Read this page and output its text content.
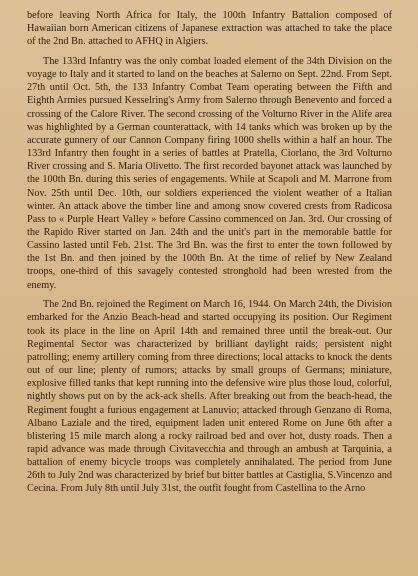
before leaving North Africa for Italy, the 100th Infantry Battalion composed of Hawaiian born American citizens of Japanese extraction was attached to take the place of the 2nd Bn. attached to AFHQ in Algiers.

The 133rd Infantry was the only combat loaded element of the 34th Division on the voyage to Italy and it started to land on the beaches at Salerno on Sept. 22nd. From Sept. 27th until Oct. 5th, the 133 Infantry Combat Team operating between the Fifth and Eighth Armies pursued Kesselring's Army from Salerno through Benevento and forced a crossing of the Calore River. The second crossing of the Volturno River in the Alife area was highlighted by a German counterattack, with 14 tanks which was broken up by the accurate gunnery of our Cannon Company firing 1000 shells within a half an hour. The 133rd Infantry then fought in a series of battles at Pratella, Ciorlano, the 3rd Volturno River crossing and S. Maria Olivetto. The first recorded bayonet attack was launched by the 100th Bn. during this series of engagements. While at Scapoli and M. Marrone from Nov. 25th until Dec. 10th, our soldiers experienced the violent weather of a Italian winter. An attack above the timber line and among snow covered crests from Radicosa Pass to « Purple Heart Valley » before Cassino commenced on Jan. 3rd. Our crossing of the Rapido River started on Jan. 24th and the unit's part in the memorable battle for Cassino lasted until Feb. 21st. The 3rd Bn. was the first to enter the town followed by the 1st Bn. and then joined by the 100th Bn. At the time of relief by New Zealand troops, one-third of this savagely contested stronghold had been wrested from the enemy.

The 2nd Bn. rejoined the Regiment on March 16, 1944. On March 24th, the Division embarked for the Anzio Beach-head and started occupying its position. Our Regiment took its place in the line on April 14th and remained three until the break-out. Our Regimental Sector was characterized by brilliant daylight raids; persistent night patrolling; enemy artillery coming from three directions; local attacks to knock the dents out of our line; plenty of rumors; attacks by small groups of Germans; miniature, explosive filled tanks that kept running into the defensive wire plus those loud, colorful, nightly shows put on by the ack-ack shells. After breaking out from the beach-head, the Regiment fought a furious engagement at Lanuvio; attacked through Genzano di Roma, Albano Laziale and the tired, equipment laden unit entered Rome on June 6th after a blistering 15 mile march along a rocky railroad bed and over hot, dusty roads. Then a rapid advance was made through Civitavecchia and through an ambush at Tarquinia, a battalion of enemy bicycle troops was completely annihalated. The period from June 26th to July 2nd was characterized by brief but bitter battles at Castiglia, S.Vincenzo and Cecina. From July 8th until July 31st, the outfit fought from Castellina to the Arno
